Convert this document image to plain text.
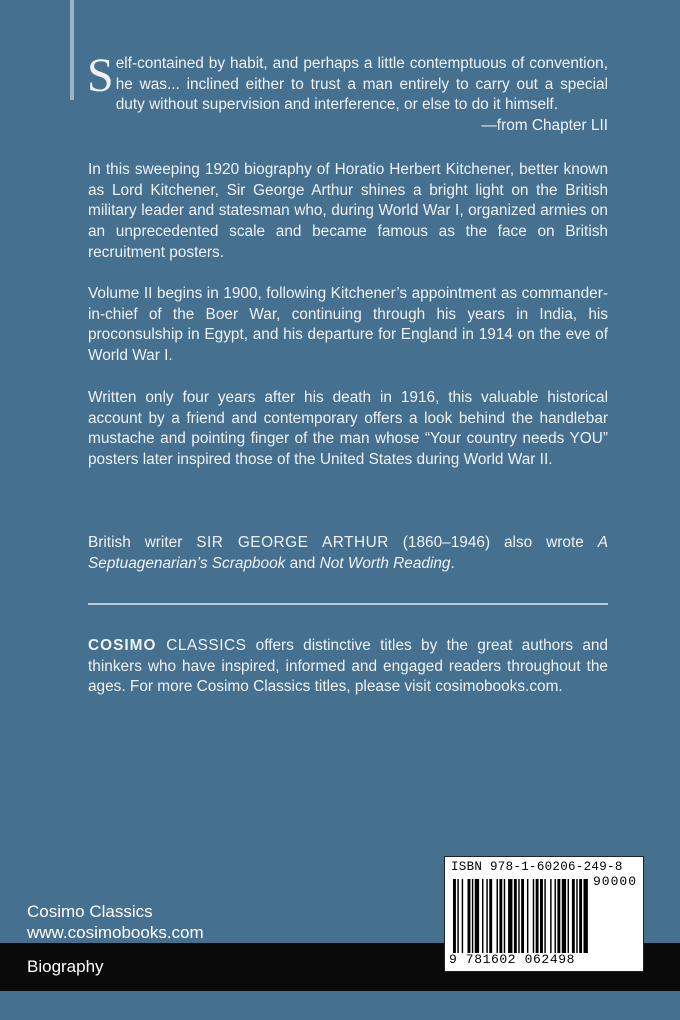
Self-contained by habit, and perhaps a little contemptuous of convention, he was... inclined either to trust a man entirely to carry out a special duty without supervision and interference, or else to do it himself.
—from Chapter LII
In this sweeping 1920 biography of Horatio Herbert Kitchener, better known as Lord Kitchener, Sir George Arthur shines a bright light on the British military leader and statesman who, during World War I, organized armies on an unprecedented scale and became famous as the face on British recruitment posters.
Volume II begins in 1900, following Kitchener’s appointment as commander-in-chief of the Boer War, continuing through his years in India, his proconsulship in Egypt, and his departure for England in 1914 on the eve of World War I.
Written only four years after his death in 1916, this valuable historical account by a friend and contemporary offers a look behind the handlebar mustache and pointing finger of the man whose “Your country needs YOU” posters later inspired those of the United States during World War II.
British writer SIR GEORGE ARTHUR (1860–1946) also wrote A Septuagenarian’s Scrapbook and Not Worth Reading.
COSIMO CLASSICS offers distinctive titles by the great authors and thinkers who have inspired, informed and engaged readers throughout the ages. For more Cosimo Classics titles, please visit cosimobooks.com.
Cosimo Classics
www.cosimobooks.com
Biography
ISBN 978-1-60206-249-8
90000
9 781602 062498
